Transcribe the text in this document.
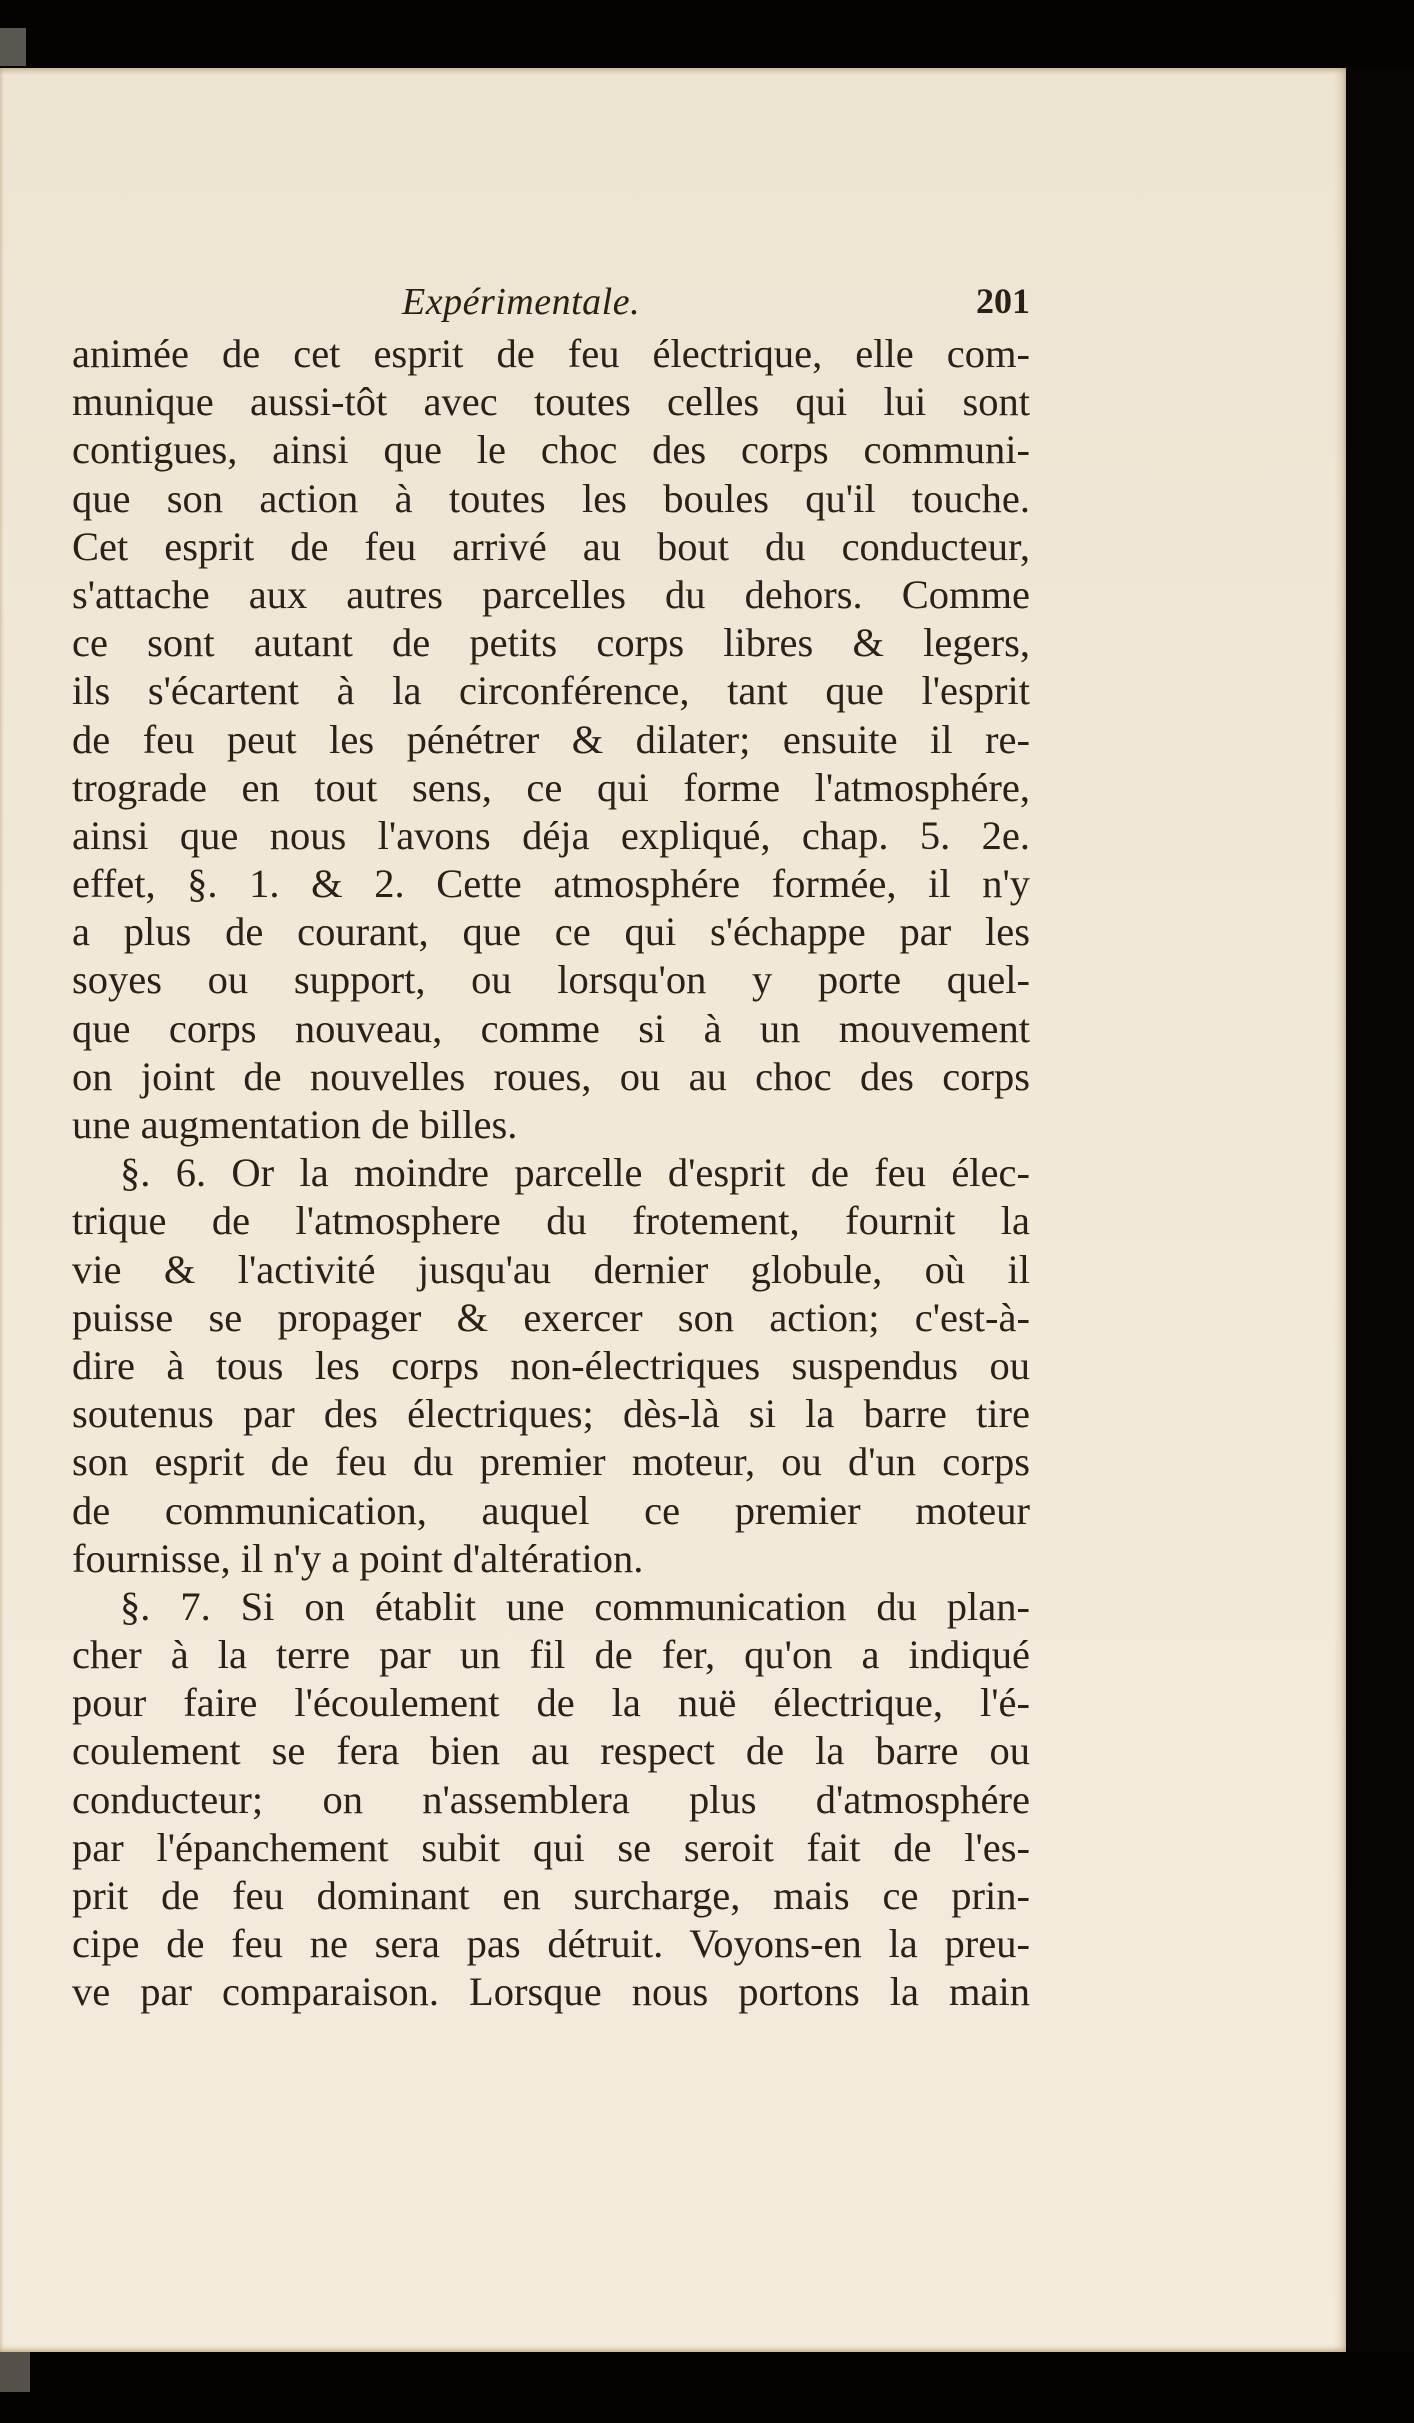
Expérimentale.	201
animée de cet esprit de feu électrique, elle com-
munique aussi-tôt avec toutes celles qui lui sont
contigues, ainsi que le choc des corps communi-
que son action à toutes les boules qu'il touche.
Cet esprit de feu arrivé au bout du conducteur,
s'attache aux autres parcelles du dehors. Comme
ce sont autant de petits corps libres & legers,
ils s'écartent à la circonférence, tant que l'esprit
de feu peut les pénétrer & dilater; ensuite il re-
trograde en tout sens, ce qui forme l'atmosphére,
ainsi que nous l'avons déja expliqué, chap. 5. 2e.
effet, §. 1. & 2. Cette atmosphére formée, il n'y
a plus de courant, que ce qui s'échappe par les
soyes ou support, ou lorsqu'on y porte quel-
que corps nouveau, comme si à un mouvement
on joint de nouvelles roues, ou au choc des corps
une augmentation de billes.
§. 6. Or la moindre parcelle d'esprit de feu élec-
trique de l'atmosphere du frotement, fournit la
vie & l'activité jusqu'au dernier globule, où il
puisse se propager & exercer son action; c'est-à-
dire à tous les corps non-électriques suspendus ou
soutenus par des électriques; dès-là si la barre tire
son esprit de feu du premier moteur, ou d'un corps
de communication, auquel ce premier moteur
fournisse, il n'y a point d'altération.
§. 7. Si on établit une communication du plan-
cher à la terre par un fil de fer, qu'on a indiqué
pour faire l'écoulement de la nuë électrique, l'é-
coulement se fera bien au respect de la barre ou
conducteur; on n'assemblera plus d'atmosphére
par l'épanchement subit qui se seroit fait de l'es-
prit de feu dominant en surcharge, mais ce prin-
cipe de feu ne sera pas détruit. Voyons-en la preu-
ve par comparaison. Lorsque nous portons la main
